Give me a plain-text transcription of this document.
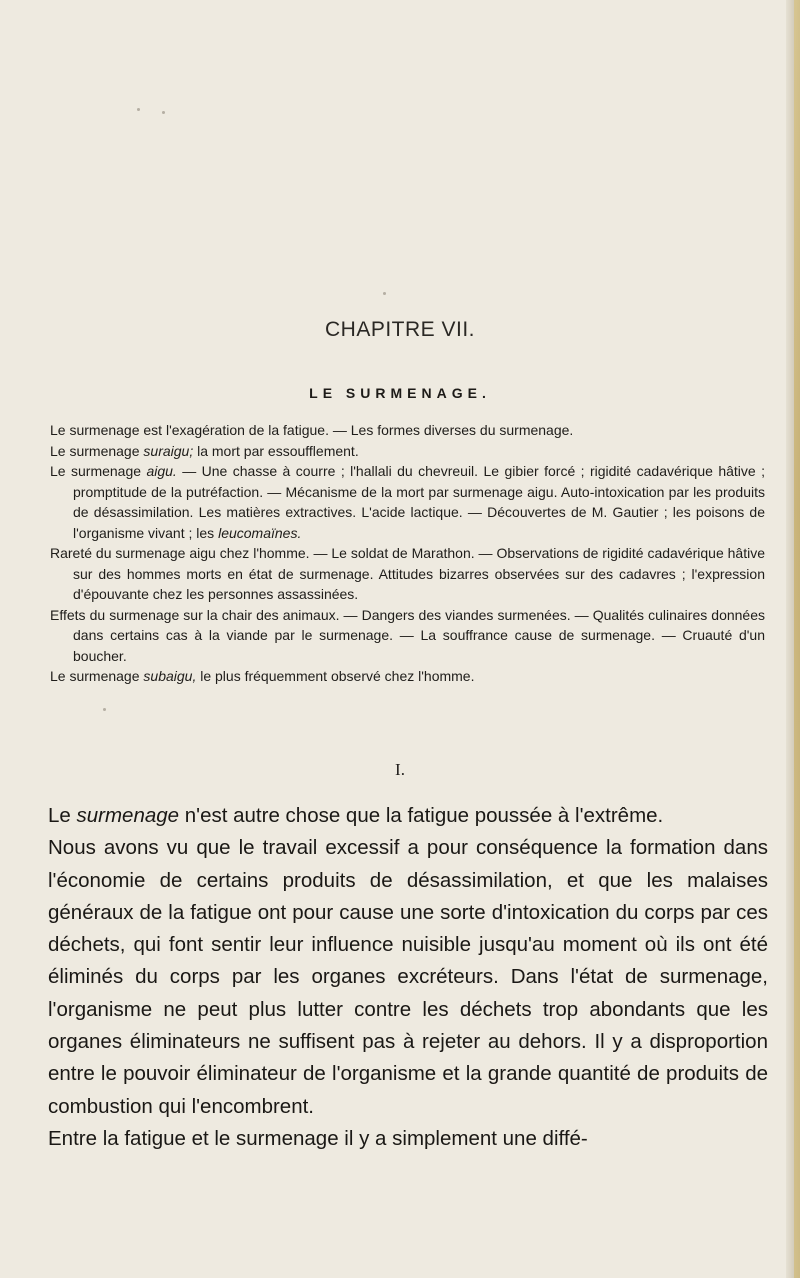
CHAPITRE VII.
LE SURMENAGE.

Le surmenage est l'exagération de la fatigue. — Les formes diverses du surmenage.

Le surmenage suraigu; la mort par essoufflement.

Le surmenage aigu. — Une chasse à courre ; l'hallali du chevreuil. Le gibier forcé ; rigidité cadavérique hâtive ; promptitude de la putréfaction. — Mécanisme de la mort par surmenage aigu. Auto-intoxication par les produits de désassimilation. Les matières extractives. L'acide lactique. — Découvertes de M. Gautier ; les poisons de l'organisme vivant ; les leucomaïnes.

Rareté du surmenage aigu chez l'homme. — Le soldat de Marathon. — Observations de rigidité cadavérique hâtive sur des hommes morts en état de surmenage. Attitudes bizarres observées sur des cadavres ; l'expression d'épouvante chez les personnes assassinées.

Effets du surmenage sur la chair des animaux. — Dangers des viandes surmenées. — Qualités culinaires données dans certains cas à la viande par le surmenage. — La souffrance cause de surmenage. — Cruauté d'un boucher.

Le surmenage subaigu, le plus fréquemment observé chez l'homme.

I.

Le surmenage n'est autre chose que la fatigue poussée à l'extrême.

Nous avons vu que le travail excessif a pour conséquence la formation dans l'économie de certains produits de désassimilation, et que les malaises généraux de la fatigue ont pour cause une sorte d'intoxication du corps par ces déchets, qui font sentir leur influence nuisible jusqu'au moment où ils ont été éliminés du corps par les organes excréteurs. Dans l'état de surmenage, l'organisme ne peut plus lutter contre les déchets trop abondants que les organes éliminateurs ne suffisent pas à rejeter au dehors. Il y a disproportion entre le pouvoir éliminateur de l'organisme et la grande quantité de produits de combustion qui l'encombrent.

Entre la fatigue et le surmenage il y a simplement une diffé-
